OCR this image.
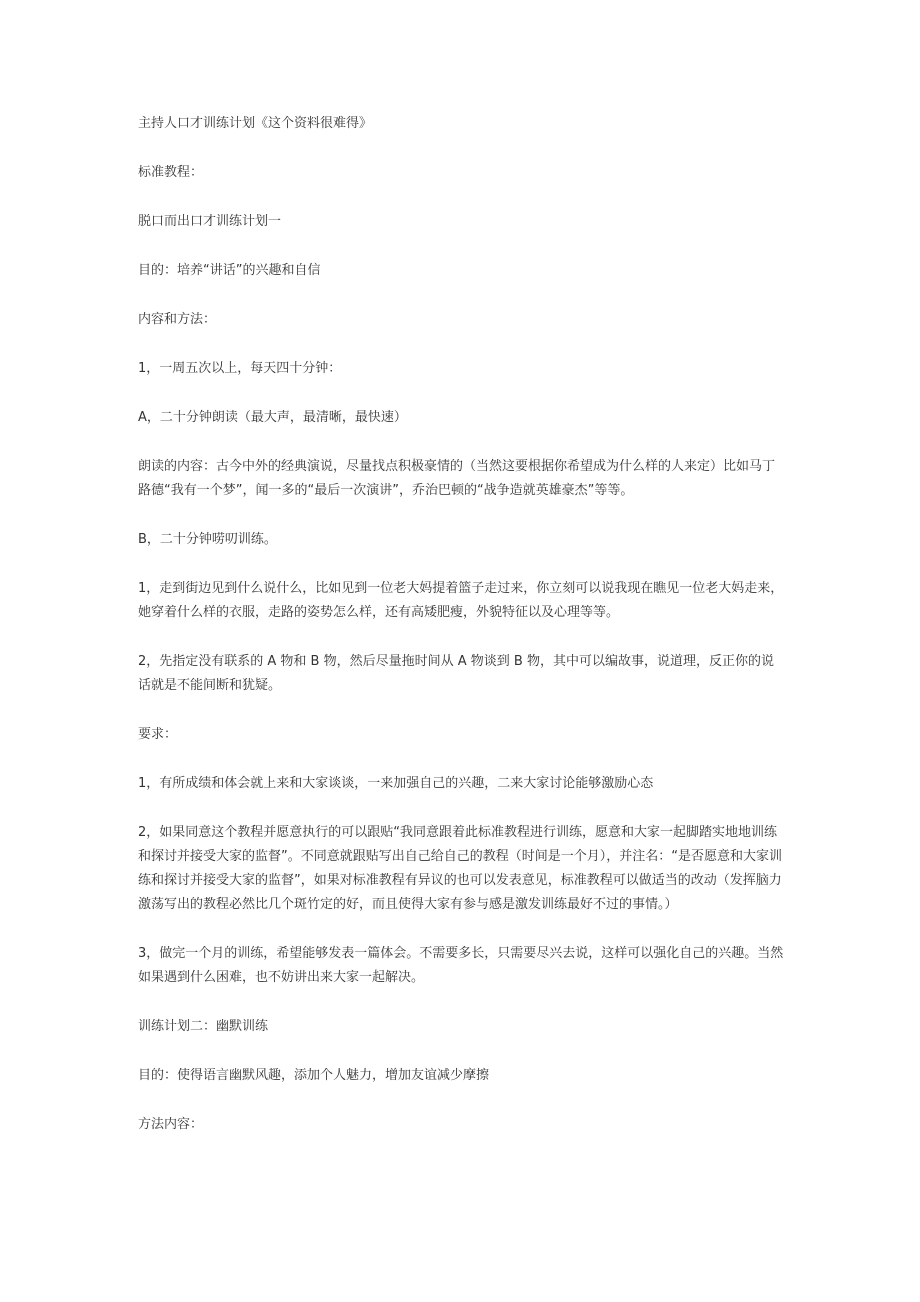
主持人口才训练计划《这个资料很难得》

标准教程：

脱口而出口才训练计划一

目的：培养“讲话”的兴趣和自信

内容和方法：

1，一周五次以上，每天四十分钟：

A，二十分钟朗读（最大声，最清晰，最快速）

朗读的内容：古今中外的经典演说，尽量找点积极豪情的（当然这要根据你希望成为什么样的人来定）比如马丁路德“我有一个梦”，闻一多的“最后一次演讲”，乔治巴顿的“战争造就英雄豪杰”等等。

B，二十分钟唠叨训练。

1，走到街边见到什么说什么，比如见到一位老大妈提着篮子走过来，你立刻可以说我现在瞧见一位老大妈走来，她穿着什么样的衣服，走路的姿势怎么样，还有高矮肥瘦，外貌特征以及心理等等。

2，先指定没有联系的 A 物和 B 物，然后尽量拖时间从 A 物谈到 B 物，其中可以编故事，说道理，反正你的说话就是不能间断和犹疑。

要求：

1，有所成绩和体会就上来和大家谈谈，一来加强自己的兴趣，二来大家讨论能够激励心态

2，如果同意这个教程并愿意执行的可以跟贴“我同意跟着此标准教程进行训练，愿意和大家一起脚踏实地地训练和探讨并接受大家的监督”。不同意就跟贴写出自己给自己的教程（时间是一个月），并注名：“是否愿意和大家训练和探讨并接受大家的监督”，如果对标准教程有异议的也可以发表意见，标准教程可以做适当的改动（发挥脑力激荡写出的教程必然比几个斑竹定的好，而且使得大家有参与感是激发训练最好不过的事情。）

3，做完一个月的训练，希望能够发表一篇体会。不需要多长，只需要尽兴去说，这样可以强化自己的兴趣。当然如果遇到什么困难，也不妨讲出来大家一起解决。

训练计划二：幽默训练

目的：使得语言幽默风趣，添加个人魅力，增加友谊减少摩擦

方法内容：
